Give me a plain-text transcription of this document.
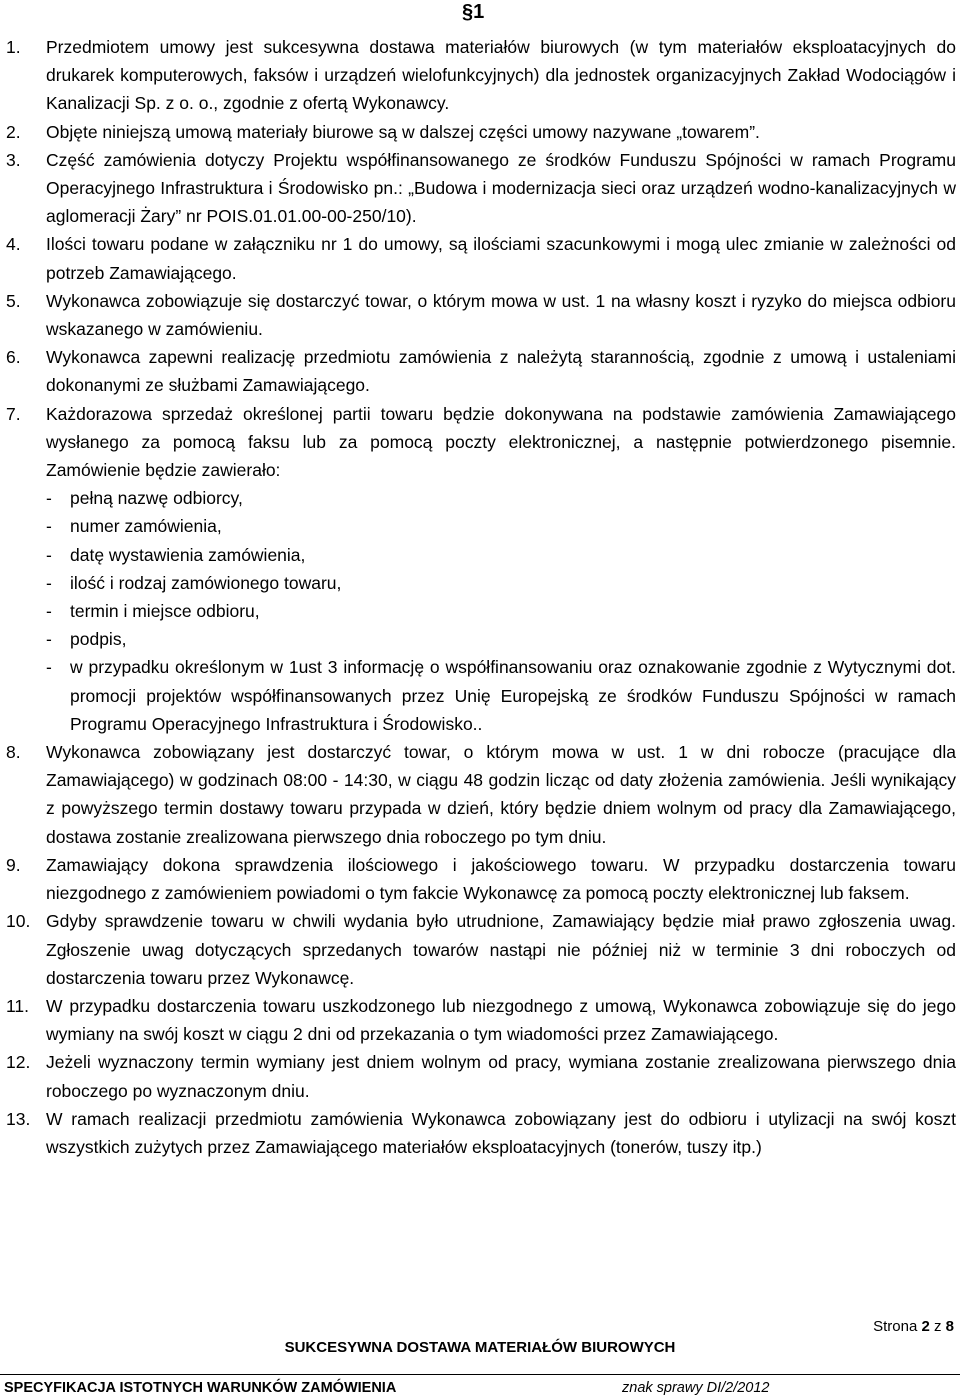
§1
1. Przedmiotem umowy jest sukcesywna dostawa materiałów biurowych (w tym materiałów eksploatacyjnych do drukarek komputerowych, faksów i urządzeń wielofunkcyjnych) dla jednostek organizacyjnych Zakład Wodociągów i Kanalizacji Sp. z o. o., zgodnie z ofertą Wykonawcy.
2. Objęte niniejszą umową materiały biurowe są w dalszej części umowy nazywane „towarem”.
3. Część zamówienia dotyczy Projektu współfinansowanego ze środków Funduszu Spójności w ramach Programu Operacyjnego Infrastruktura i Środowisko pn.: „Budowa i modernizacja sieci oraz urządzeń wodno-kanalizacyjnych w aglomeracji Żary” nr POIS.01.01.00-00-250/10).
4. Ilości towaru podane w załączniku nr 1 do umowy, są ilościami szacunkowymi i mogą ulec zmianie w zależności od potrzeb Zamawiającego.
5. Wykonawca zobowiązuje się dostarczyć towar, o którym mowa w ust. 1 na własny koszt i ryzyko do miejsca odbioru wskazanego w zamówieniu.
6. Wykonawca zapewni realizację przedmiotu zamówienia z należytą starannością, zgodnie z umową i ustaleniami dokonanymi ze służbami Zamawiającego.
7. Każdorazowa sprzedaż określonej partii towaru będzie dokonywana na podstawie zamówienia Zamawiającego wysłanego za pomocą faksu lub za pomocą poczty elektronicznej, a następnie potwierdzonego pisemnie. Zamówienie będzie zawierało:
- pełną nazwę odbiorcy,
- numer zamówienia,
- datę wystawienia zamówienia,
- ilość i rodzaj zamówionego towaru,
- termin i miejsce odbioru,
- podpis,
- w przypadku określonym w 1ust 3 informację o współfinansowaniu oraz oznakowanie zgodnie z Wytycznymi dot. promocji projektów współfinansowanych przez Unię Europejską ze środków Funduszu Spójności w ramach Programu Operacyjnego Infrastruktura i Środowisko..
8. Wykonawca zobowiązany jest dostarczyć towar, o którym mowa w ust. 1 w dni robocze (pracujące dla Zamawiającego) w godzinach 08:00 - 14:30, w ciągu 48 godzin licząc od daty złożenia zamówienia. Jeśli wynikający z powyższego termin dostawy towaru przypada w dzień, który będzie dniem wolnym od pracy dla Zamawiającego, dostawa zostanie zrealizowana pierwszego dnia roboczego po tym dniu.
9. Zamawiający dokona sprawdzenia ilościowego i jakościowego towaru. W przypadku dostarczenia towaru niezgodnego z zamówieniem powiadomi o tym fakcie Wykonawcę za pomocą poczty elektronicznej lub faksem.
10. Gdyby sprawdzenie towaru w chwili wydania było utrudnione, Zamawiający będzie miał prawo zgłoszenia uwag. Zgłoszenie uwag dotyczących sprzedanych towarów nastąpi nie później niż w terminie 3 dni roboczych od dostarczenia towaru przez Wykonawcę.
11. W przypadku dostarczenia towaru uszkodzonego lub niezgodnego z umową, Wykonawca zobowiązuje się do jego wymiany na swój koszt w ciągu 2 dni od przekazania o tym wiadomości przez Zamawiającego.
12. Jeżeli wyznaczony termin wymiany jest dniem wolnym od pracy, wymiana zostanie zrealizowana pierwszego dnia roboczego po wyznaczonym dniu.
13. W ramach realizacji przedmiotu zamówienia Wykonawca zobowiązany jest do odbioru i utylizacji na swój koszt wszystkich zużytych przez Zamawiającego materiałów eksploatacyjnych (tonerów, tuszy itp.)
Strona 2 z 8
SUKCESYWNA DOSTAWA MATERIAŁÓW BIUROWYCH
SPECYFIKACJA ISTOTNYCH WARUNKÓW ZAMÓWIENIA	znak sprawy DI/2/2012
